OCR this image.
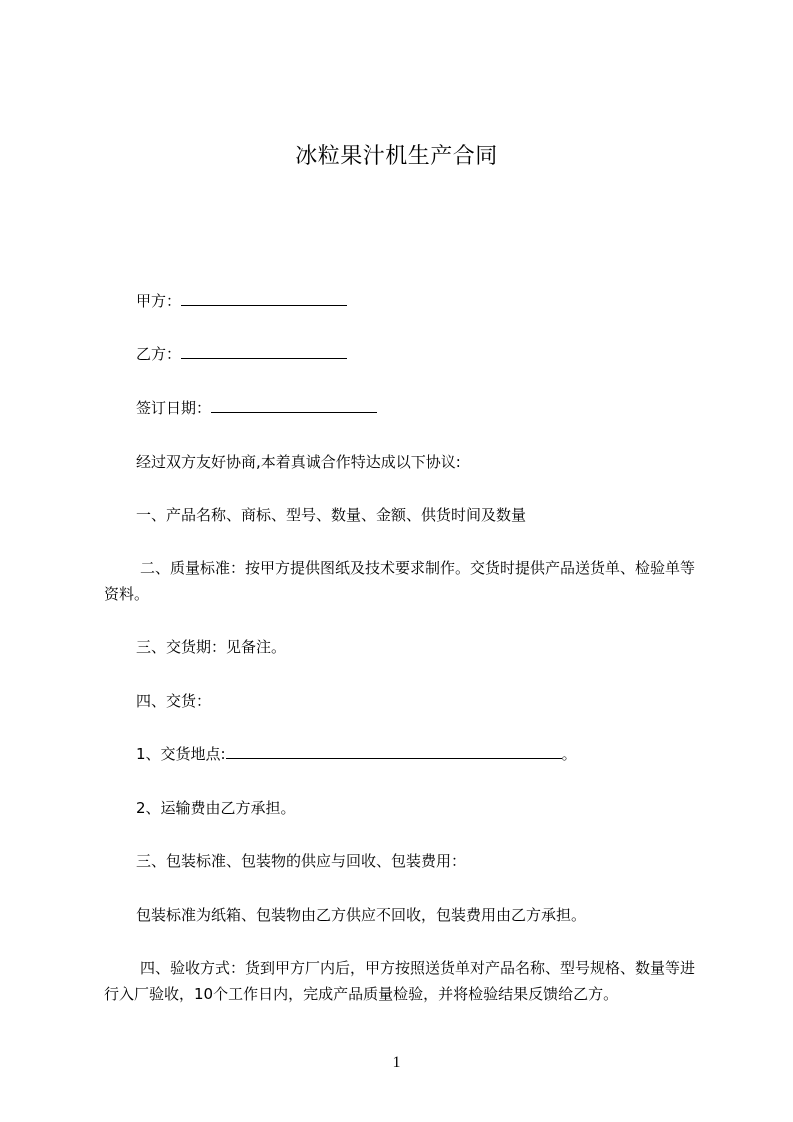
冰粒果汁机生产合同
甲方：
乙方：
签订日期：
经过双方友好协商,本着真诚合作特达成以下协议:
一、产品名称、商标、型号、数量、金额、供货时间及数量
二、质量标准：按甲方提供图纸及技术要求制作。交货时提供产品送货单、检验单等资料。
三、交货期：见备注。
四、交货：
1、交货地点:	。
2、运输费由乙方承担。
三、包装标准、包装物的供应与回收、包装费用：
包装标准为纸箱、包装物由乙方供应不回收，包装费用由乙方承担。
四、验收方式：货到甲方厂内后，甲方按照送货单对产品名称、型号规格、数量等进行入厂验收，10个工作日内，完成产品质量检验，并将检验结果反馈给乙方。
1
